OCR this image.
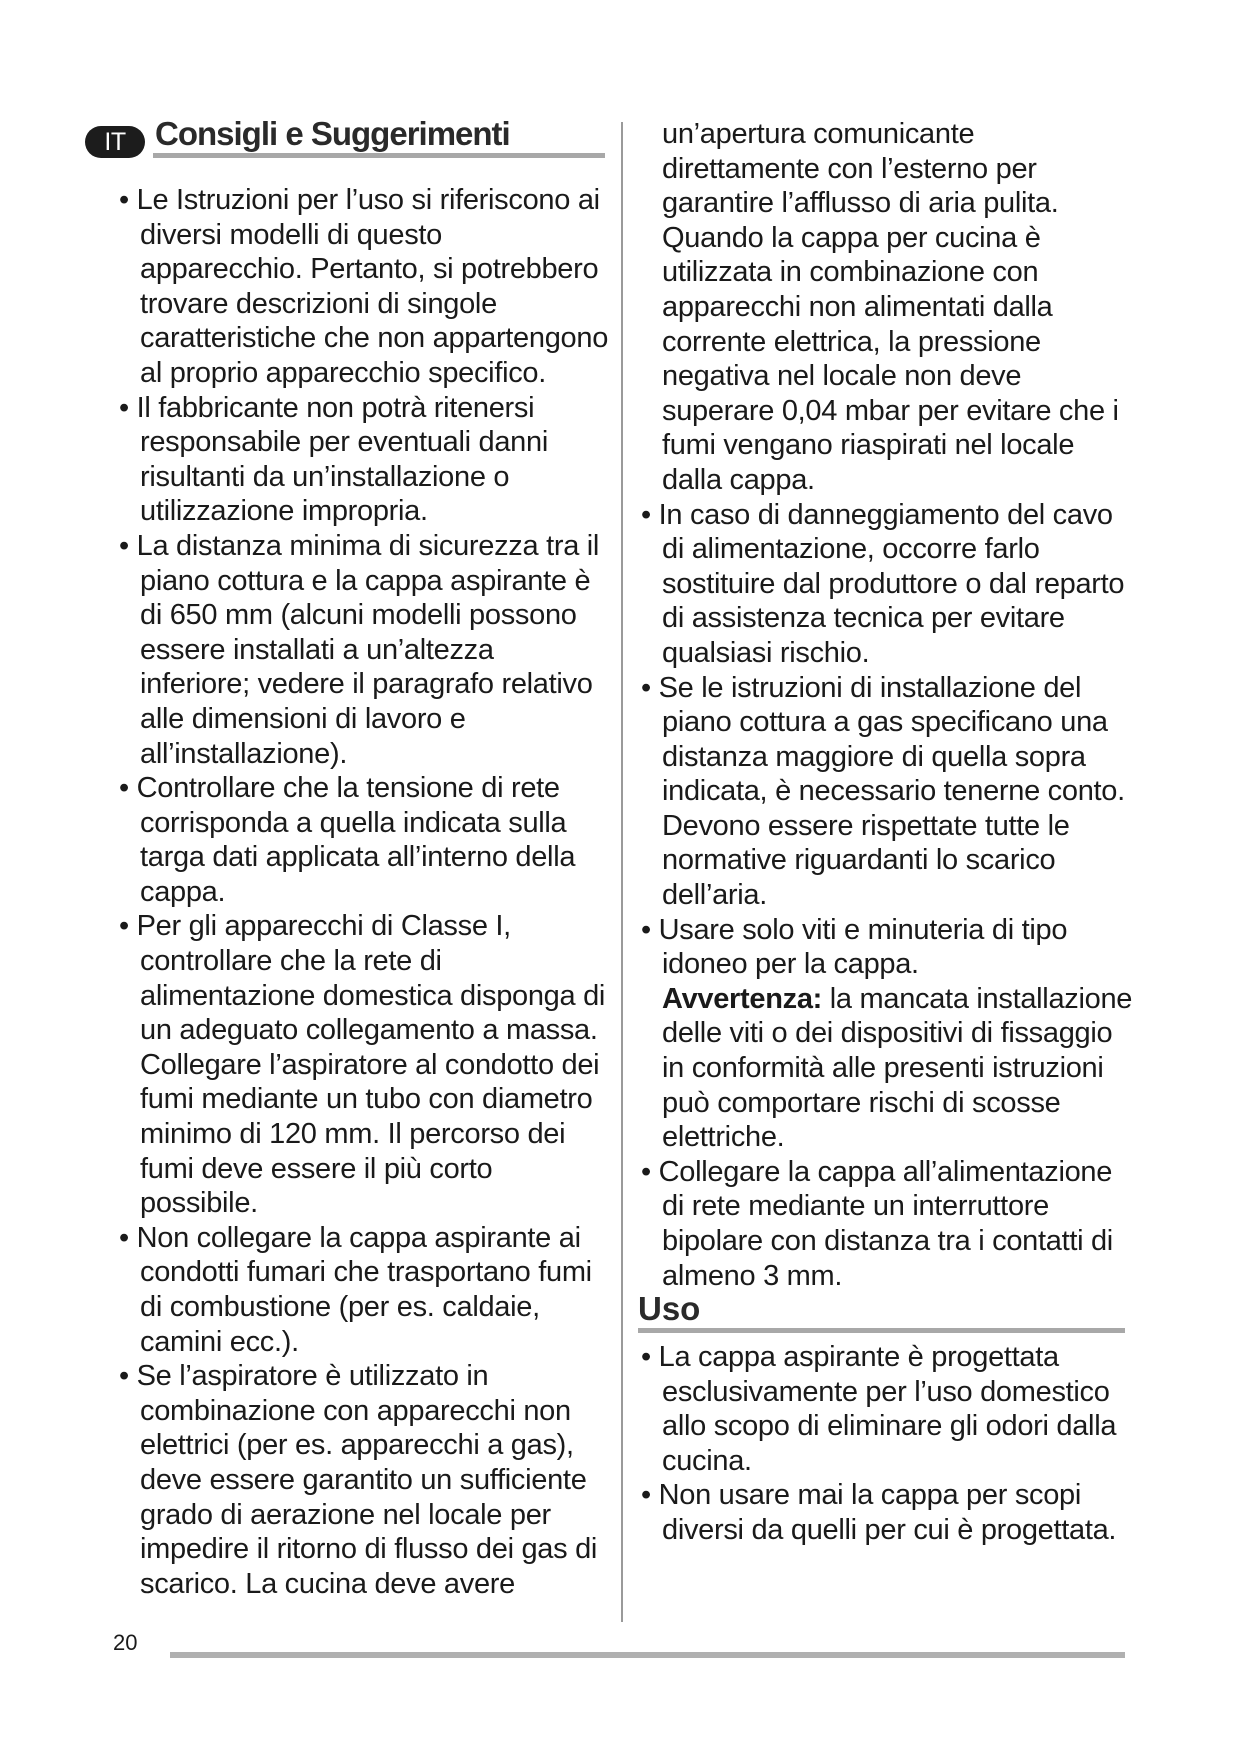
IT Consigli e Suggerimenti

• Le Istruzioni per l’uso si riferiscono ai diversi modelli di questo apparecchio. Pertanto, si potrebbero trovare descrizioni di singole caratteristiche che non appartengono al proprio apparecchio specifico.

• Il fabbricante non potrà ritenersi responsabile per eventuali danni risultanti da un’installazione o utilizzazione impropria.

• La distanza minima di sicurezza tra il piano cottura e la cappa aspirante è di 650 mm (alcuni modelli possono essere installati a un’altezza inferiore; vedere il paragrafo relativo alle dimensioni di lavoro e all’installazione).

• Controllare che la tensione di rete corrisponda a quella indicata sulla targa dati applicata all’interno della cappa.

• Per gli apparecchi di Classe I, controllare che la rete di alimentazione domestica disponga di un adeguato collegamento a massa. Collegare l’aspiratore al condotto dei fumi mediante un tubo con diametro minimo di 120 mm. Il percorso dei fumi deve essere il più corto possibile.

• Non collegare la cappa aspirante ai condotti fumari che trasportano fumi di combustione (per es. caldaie, camini ecc.).

• Se l’aspiratore è utilizzato in combinazione con apparecchi non elettrici (per es. apparecchi a gas), deve essere garantito un sufficiente grado di aerazione nel locale per impedire il ritorno di flusso dei gas di scarico. La cucina deve avere

un’apertura comunicante direttamente con l’esterno per garantire l’afflusso di aria pulita. Quando la cappa per cucina è utilizzata in combinazione con apparecchi non alimentati dalla corrente elettrica, la pressione negativa nel locale non deve superare 0,04 mbar per evitare che i fumi vengano riaspirati nel locale dalla cappa.

• In caso di danneggiamento del cavo di alimentazione, occorre farlo sostituire dal produttore o dal reparto di assistenza tecnica per evitare qualsiasi rischio.

• Se le istruzioni di installazione del piano cottura a gas specificano una distanza maggiore di quella sopra indicata, è necessario tenerne conto. Devono essere rispettate tutte le normative riguardanti lo scarico dell’aria.

• Usare solo viti e minuteria di tipo idoneo per la cappa.

Avvertenza: la mancata installazione delle viti o dei dispositivi di fissaggio in conformità alle presenti istruzioni può comportare rischi di scosse elettriche.

• Collegare la cappa all’alimentazione di rete mediante un interruttore bipolare con distanza tra i contatti di almeno 3 mm.

Uso

• La cappa aspirante è progettata esclusivamente per l’uso domestico allo scopo di eliminare gli odori dalla cucina.

• Non usare mai la cappa per scopi diversi da quelli per cui è progettata.

20
